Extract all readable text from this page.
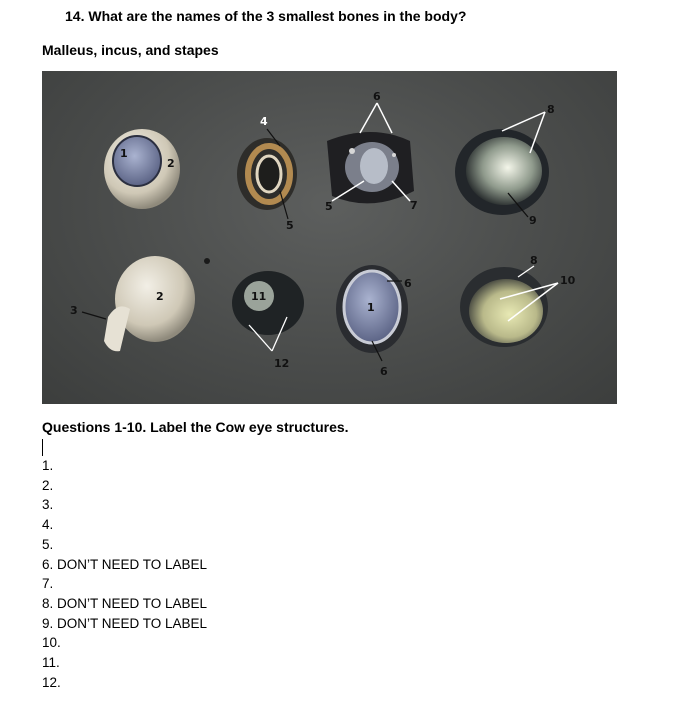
14. What are the names of the 3 smallest bones in the body?
Malleus, incus, and stapes
1
2
4
5
6
5	7
8
9
3
2	11
12
6
1
6
8
10
Questions 1-10. Label the Cow eye structures.
1.
2.
3.
4.
5.
6. DON’T NEED TO LABEL
7.
8. DON’T NEED TO LABEL
9. DON’T NEED TO LABEL
10.
11.
12.
